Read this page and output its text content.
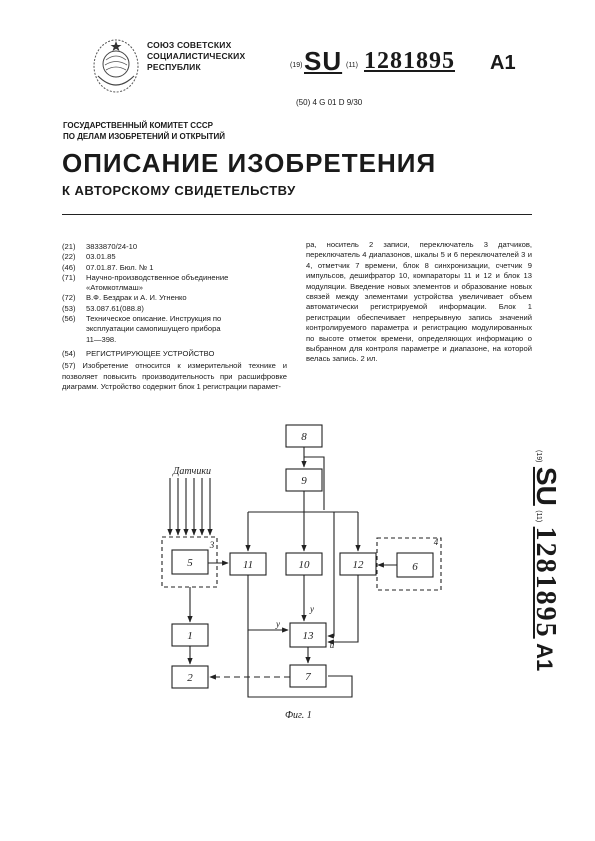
СОЮЗ СОВЕТСКИХ
СОЦИАЛИСТИЧЕСКИХ
РЕСПУБЛИК	(19) SU (11) 1281895 A1
(50) 4 G 01 D 9/30
ГОСУДАРСТВЕННЫЙ КОМИТЕТ СССР
ПО ДЕЛАМ ИЗОБРЕТЕНИЙ И ОТКРЫТИЙ
ОПИСАНИЕ ИЗОБРЕТЕНИЯ
К АВТОРСКОМУ СВИДЕТЕЛЬСТВУ
(21) 3833870/24-10
(22) 03.01.85
(46) 07.01.87. Бюл. № 1
(71) Научно-производственное объединение
«Атомкотлмаш»
(72) В.Ф. Бездрак и А. И. Угненко
(53) 53.087.61(088.8)
(56) Техническое описание. Инструкция по
эксплуатации самопишущего прибора
11—398.
(54) РЕГИСТРИРУЮЩЕЕ УСТРОЙСТВО
(57) Изобретение относится к измерительной технике и позволяет повысить производительность при расшифровке диаграмм. Устройство содержит блок 1 регистрации парамет-
ра, носитель 2 записи, переключатель 3 датчиков, переключатель 4 диапазонов, шкалы 5 и 6 переключателей 3 и 4, отметчик 7 времени, блок 8 синхронизации, счетчик 9 импульсов, дешифратор 10, компараторы 11 и 12 и блок 13 модуляции. Введение новых элементов и образование новых связей между элементами устройства увеличивает объем автоматически регистрируемой информации. Блок 1 регистрации обеспечивает непрерывную запись значений контролируемого параметра и регистрацию модулированных по высоте отметок времени, определяющих информацию о выбранном для контроля параметре и диапазоне, на которой велась запись. 2 ил.
(19) SU (11) 1281895 A1
Датчики
8
9
5
3
11	10	12	6
4
1
2
13
7
у
у
и
Фиг. 1
